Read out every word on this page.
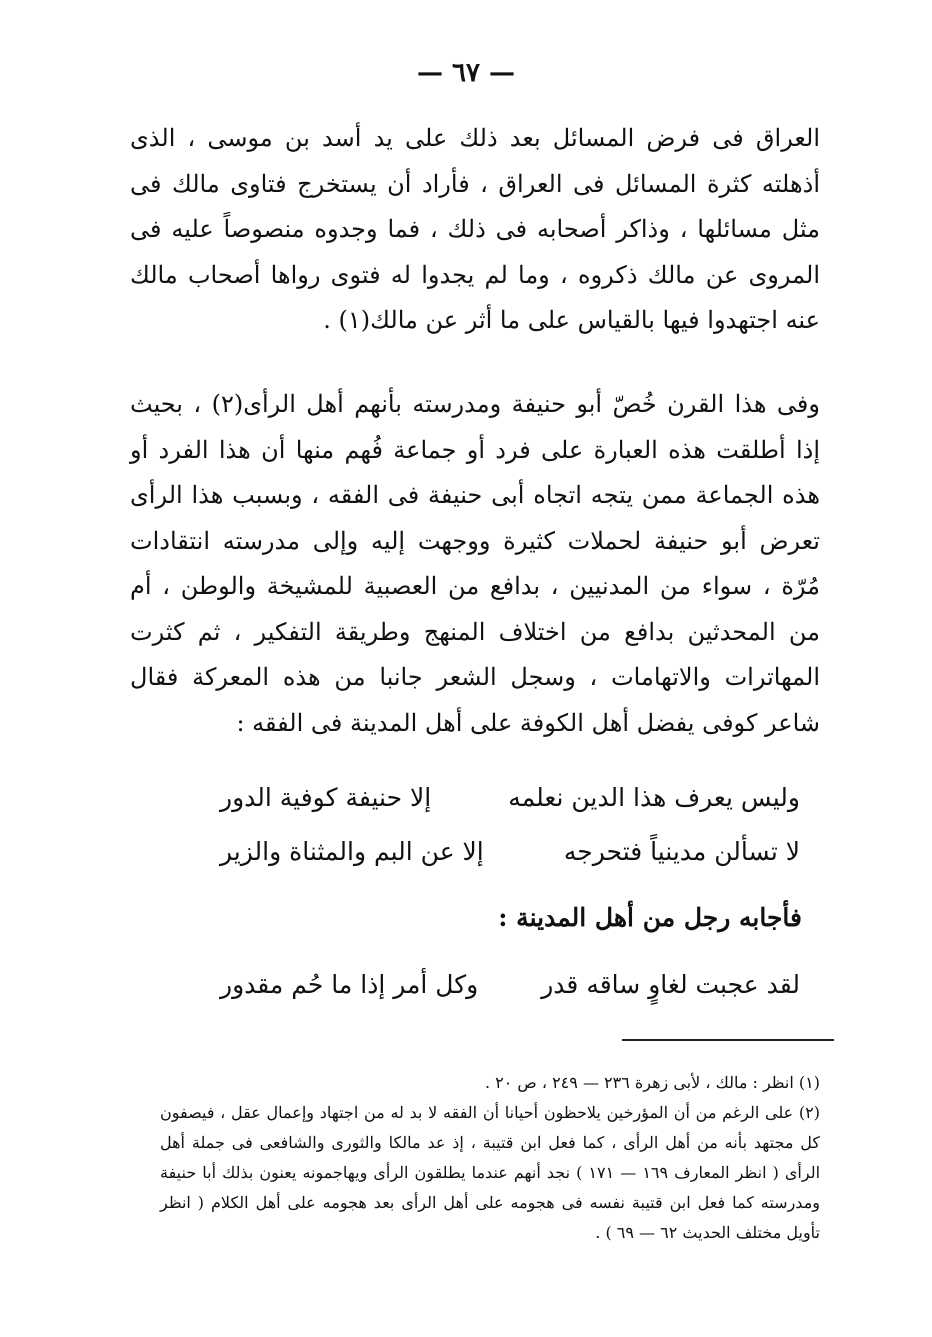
— ٦٧ —

العراق فى فرض المسائل بعد ذلك على يد أسد بن موسى ، الذى أذهلته كثرة المسائل فى العراق ، فأراد أن يستخرج فتاوى مالك فى مثل مسائلها ، وذاكر أصحابه فى ذلك ، فما وجدوه منصوصاً عليه فى المروى عن مالك ذكروه ، وما لم يجدوا له فتوى رواها أصحاب مالك عنه اجتهدوا فيها بالقياس على ما أثر عن مالك(١) .

وفى هذا القرن خُصّ أبو حنيفة ومدرسته بأنهم أهل الرأى(٢) ، بحيث إذا أطلقت هذه العبارة على فرد أو جماعة فُهم منها أن هذا الفرد أو هذه الجماعة ممن يتجه اتجاه أبى حنيفة فى الفقه ، وبسبب هذا الرأى تعرض أبو حنيفة لحملات كثيرة ووجهت إليه وإلى مدرسته انتقادات مُرّة ، سواء من المدنيين ، بدافع من العصبية للمشيخة والوطن ، أم من المحدثين بدافع من اختلاف المنهج وطريقة التفكير ، ثم كثرت المهاترات والاتهامات ، وسجل الشعر جانبا من هذه المعركة فقال شاعر كوفى يفضل أهل الكوفة على أهل المدينة فى الفقه :

وليس يعرف هذا الدين نعلمه
إلا حنيفة كوفية الدور
لا تسألن مدينياً فتحرجه
إلا عن البم والمثناة والزير
فأجابه رجل من أهل المدينة :
لقد عجبت لغاوٍ ساقه قدر
وكل أمر إذا ما حُم مقدور

(١) انظر : مالك ، لأبى زهرة ٢٣٦ — ٢٤٩ ، ص ٢٠ .

(٢) على الرغم من أن المؤرخين يلاحظون أحيانا أن الفقه لا بد له من اجتهاد وإعمال عقل ، فيصفون كل مجتهد بأنه من أهل الرأى ، كما فعل ابن قتيبة ، إذ عد مالكا والثورى والشافعى فى جملة أهل الرأى ( انظر المعارف ١٦٩ — ١٧١ ) نجد أنهم عندما يطلقون الرأى ويهاجمونه يعنون بذلك أبا حنيفة ومدرسته كما فعل ابن قتيبة نفسه فى هجومه على أهل الرأى بعد هجومه على أهل الكلام ( انظر تأويل مختلف الحديث ٦٢ — ٦٩ ) .
